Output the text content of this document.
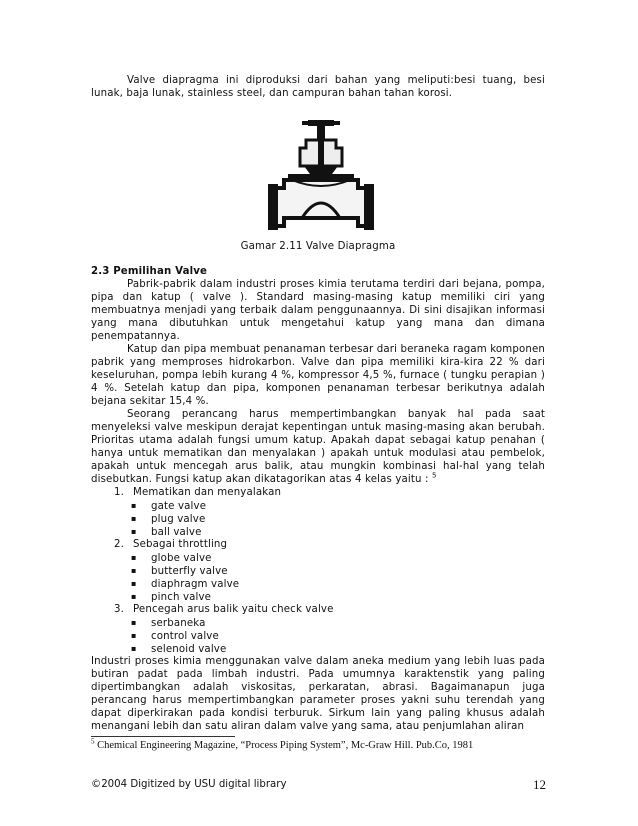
Valve diapragma ini diproduksi dari bahan yang meliputi:besi tuang, besi lunak, baja lunak, stainless steel, dan campuran bahan tahan korosi.

Gamar 2.11 Valve Diapragma
2.3 Pemilihan Valve

Pabrik-pabrik dalam industri proses kimia terutama terdiri dari bejana, pompa, pipa dan katup ( valve ). Standard masing-masing katup memiliki ciri yang membuatnya menjadi yang terbaik dalam penggunaannya. Di sini disajikan informasi yang mana dibutuhkan untuk mengetahui katup yang mana dan dimana penempatannya.

Katup dan pipa membuat penanaman terbesar dari beraneka ragam komponen pabrik yang memproses hidrokarbon. Valve dan pipa memiliki kira-kira 22 % dari keseluruhan, pompa lebih kurang 4 %, kompressor 4,5 %, furnace ( tungku perapian ) 4 %. Setelah katup dan pipa, komponen penanaman terbesar berikutnya adalah bejana sekitar 15,4 %.

Seorang perancang harus mempertimbangkan banyak hal pada saat menyeleksi valve meskipun derajat kepentingan untuk masing-masing akan berubah. Prioritas utama adalah fungsi umum katup. Apakah dapat sebagai katup penahan ( hanya untuk mematikan dan menyalakan ) apakah untuk modulasi atau pembelok, apakah untuk mencegah arus balik, atau mungkin kombinasi hal-hal yang telah disebutkan. Fungsi katup akan dikatagorikan atas 4 kelas yaitu : $^5$

1. Mematikan dan menyalakan
▪ gate valve
▪ plug valve
▪ ball valve
2. Sebagai throttling
▪ globe valve
▪ butterfly valve
▪ diaphragm valve
▪ pinch valve
3. Pencegah arus balik yaitu check valve
▪ serbaneka
▪ control valve
▪ selenoid valve

Industri proses kimia menggunakan valve dalam aneka medium yang lebih luas pada butiran padat pada limbah industri. Pada umumnya karaktenstik yang paling dipertimbangkan adalah viskositas, perkaratan, abrasi. Bagaimanapun juga perancang harus mempertimbangkan parameter proses yakni suhu terendah yang dapat diperkirakan pada kondisi terburuk. Sirkum lain yang paling khusus adalah menangani lebih dan satu aliran dalam valve yang sama, atau penjumlahan aliran

$^5$ Chemical Engineering Magazine, “Process Piping System”, Mc-Graw Hill. Pub.Co, 1981
©2004 Digitized by USU digital library	12
